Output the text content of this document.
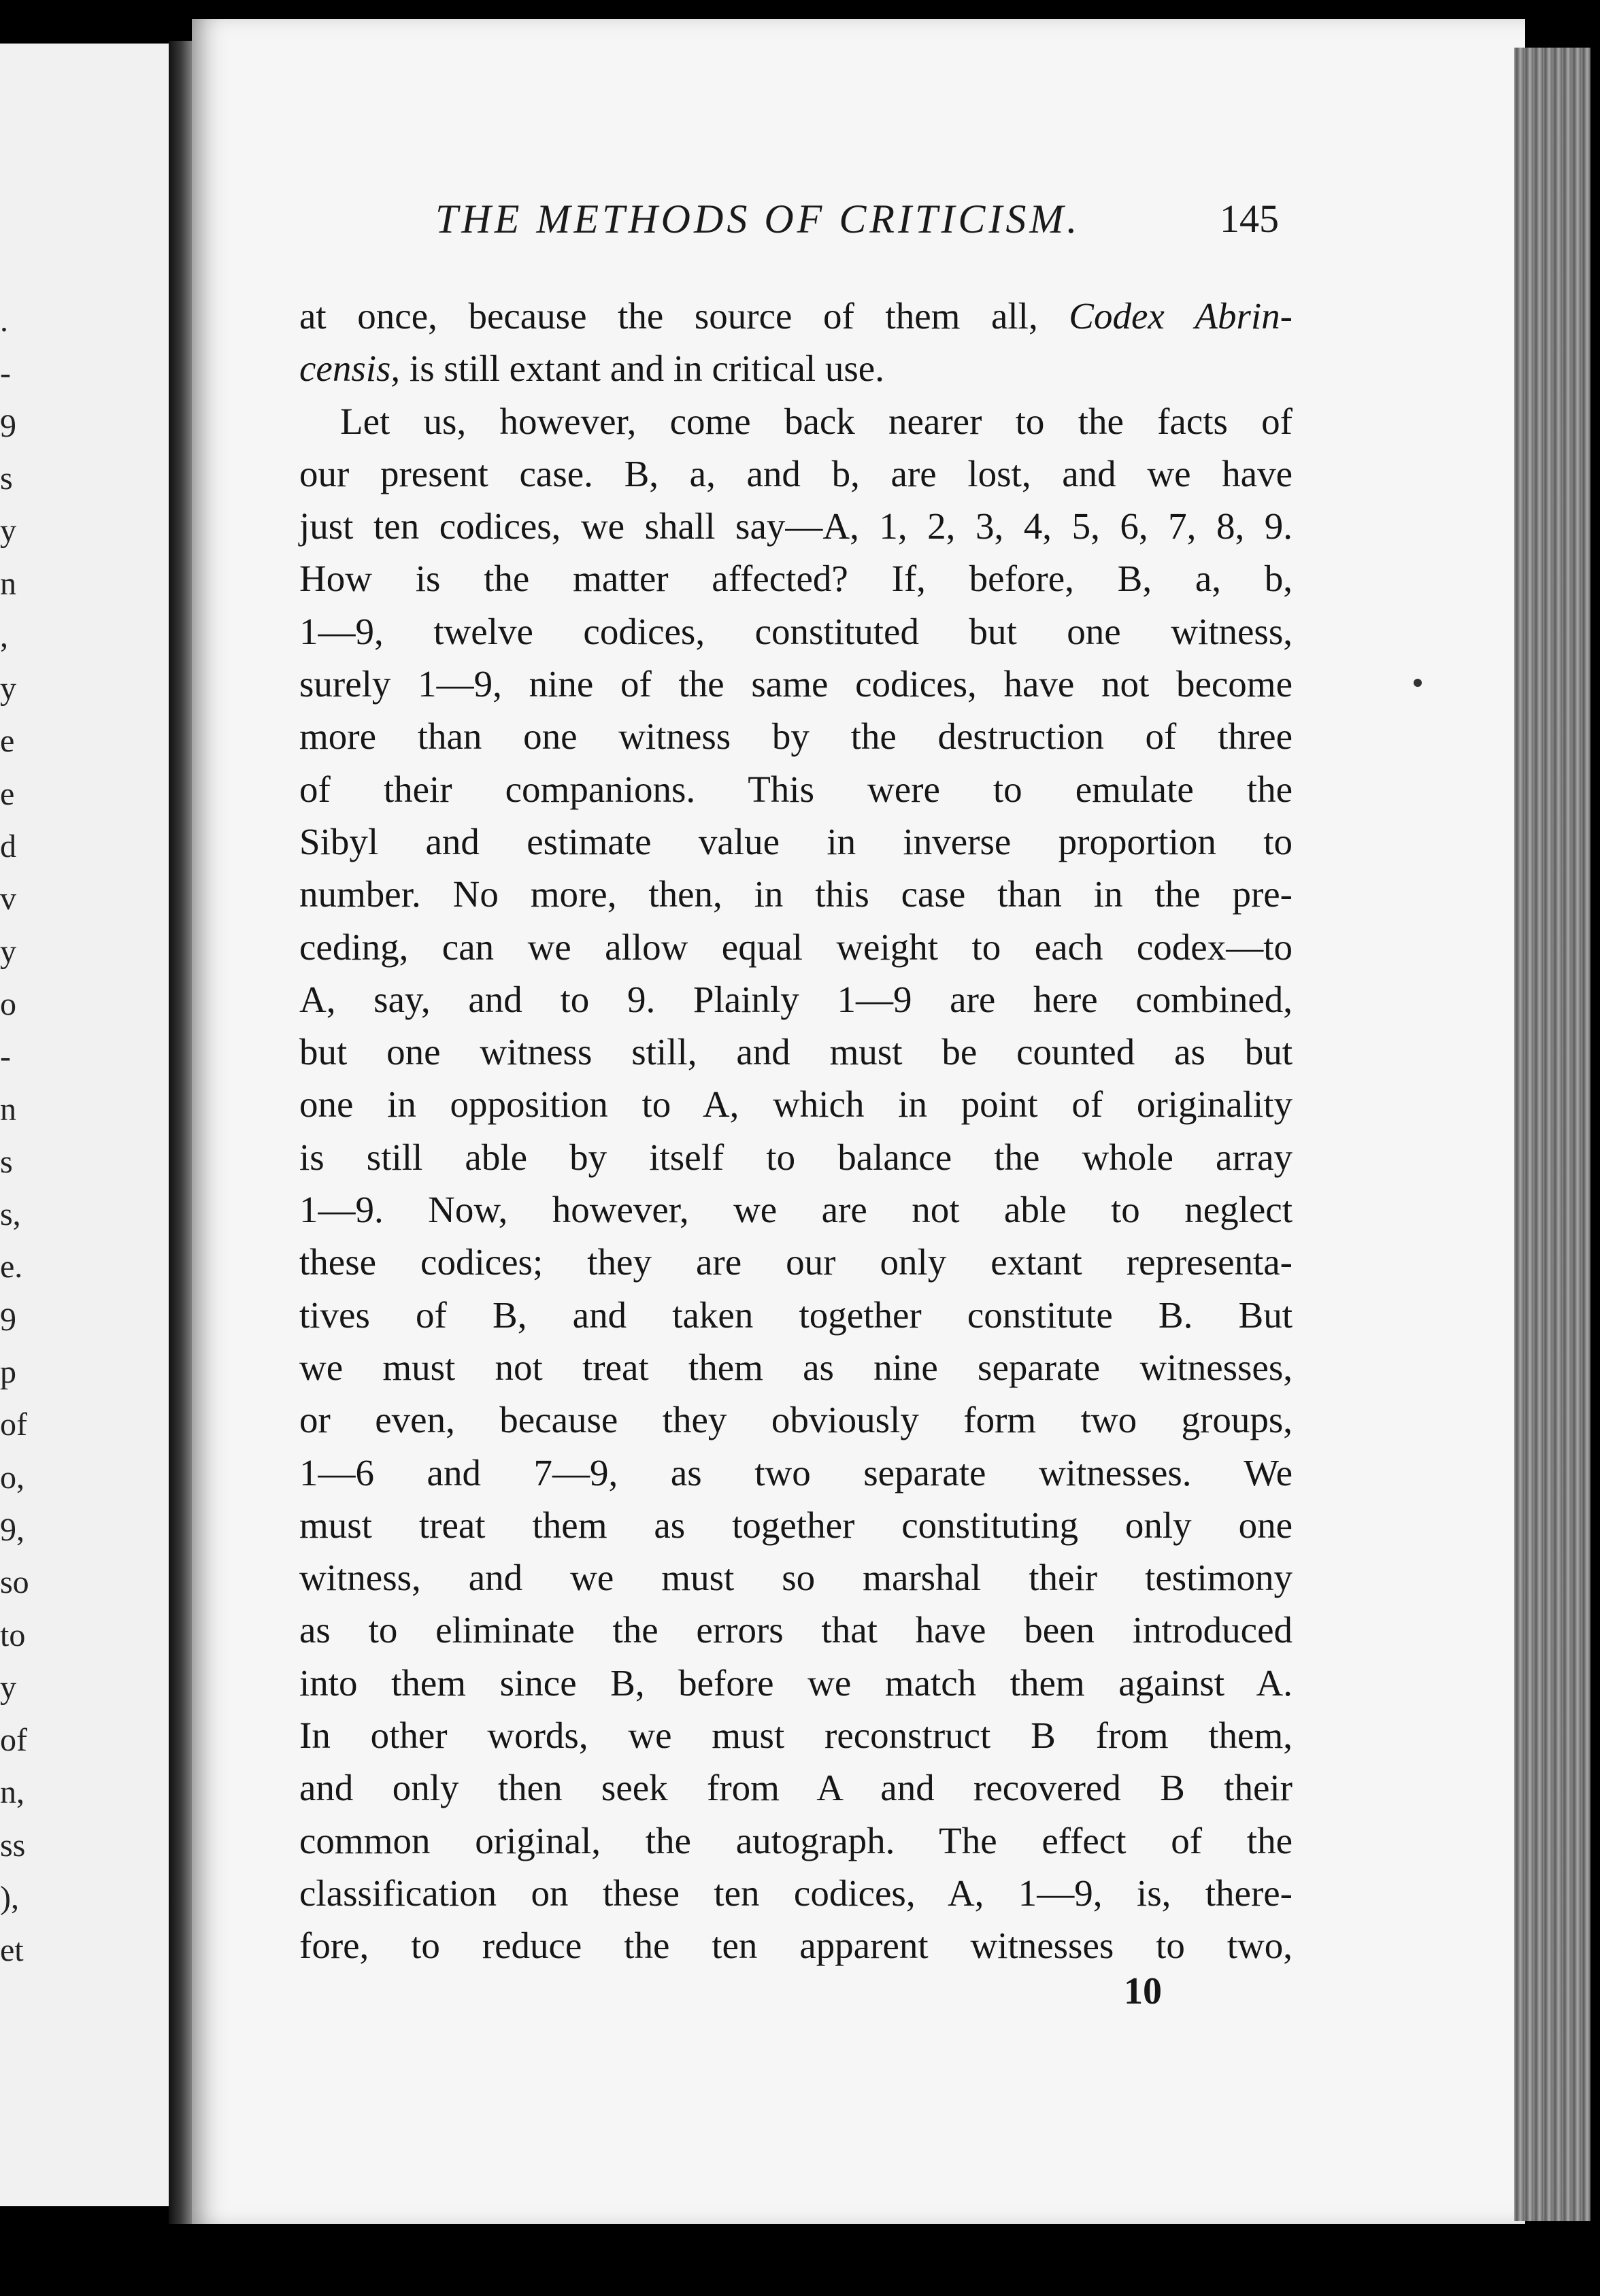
.
-
9
s
y
n
,
y
e
e
d
v
y
o
-
n
s
s,
e.
9
p
of
o,
9,
so
to
y
of
n,
ss
),
et
THE METHODS OF CRITICISM.	145
at once, because the source of them all, Codex Abrin-
censis, is still extant and in critical use.
Let us, however, come back nearer to the facts of
our present case. B, a, and b, are lost, and we have
just ten codices, we shall say—A, 1, 2, 3, 4, 5, 6, 7, 8, 9.
How is the matter affected? If, before, B, a, b,
1—9, twelve codices, constituted but one witness,
surely 1—9, nine of the same codices, have not become
more than one witness by the destruction of three
of their companions. This were to emulate the
Sibyl and estimate value in inverse proportion to
number. No more, then, in this case than in the pre-
ceding, can we allow equal weight to each codex—to
A, say, and to 9. Plainly 1—9 are here combined,
but one witness still, and must be counted as but
one in opposition to A, which in point of originality
is still able by itself to balance the whole array
1—9. Now, however, we are not able to neglect
these codices; they are our only extant representa-
tives of B, and taken together constitute B. But
we must not treat them as nine separate witnesses,
or even, because they obviously form two groups,
1—6 and 7—9, as two separate witnesses. We
must treat them as together constituting only one
witness, and we must so marshal their testimony
as to eliminate the errors that have been introduced
into them since B, before we match them against A.
In other words, we must reconstruct B from them,
and only then seek from A and recovered B their
common original, the autograph. The effect of the
classification on these ten codices, A, 1—9, is, there-
fore, to reduce the ten apparent witnesses to two,
10
